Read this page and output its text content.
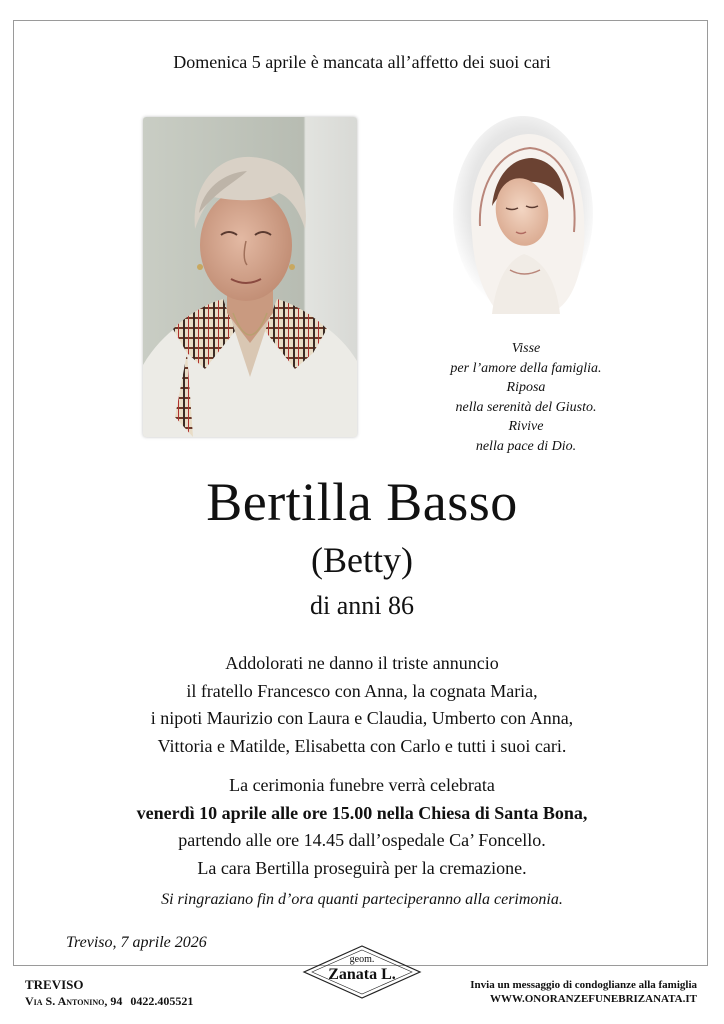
Domenica 5 aprile è mancata all’affetto dei suoi cari
Visse
per l’amore della famiglia.
Riposa
nella serenità del Giusto.
Rivive
nella pace di Dio.
Bertilla Basso
(Betty)
di anni 86
Addolorati ne danno il triste annuncio
il fratello Francesco con Anna, la cognata Maria,
i nipoti Maurizio con Laura e Claudia, Umberto con Anna,
Vittoria e Matilde, Elisabetta con Carlo e tutti i suoi cari.
La cerimonia funebre verrà celebrata
venerdì 10 aprile alle ore 15.00 nella Chiesa di Santa Bona,
partendo alle ore 14.45 dall’ospedale Ca’ Foncello.
La cara Bertilla proseguirà per la cremazione.
Si ringraziano fin d’ora quanti parteciperanno alla cerimonia.
Treviso, 7 aprile 2026
TREVISO
Via S. Antonino, 94 0422.405521
geom.
Zanata L.
Invia un messaggio di condoglianze alla famiglia
WWW.ONORANZEFUNEBRIZANATA.IT
